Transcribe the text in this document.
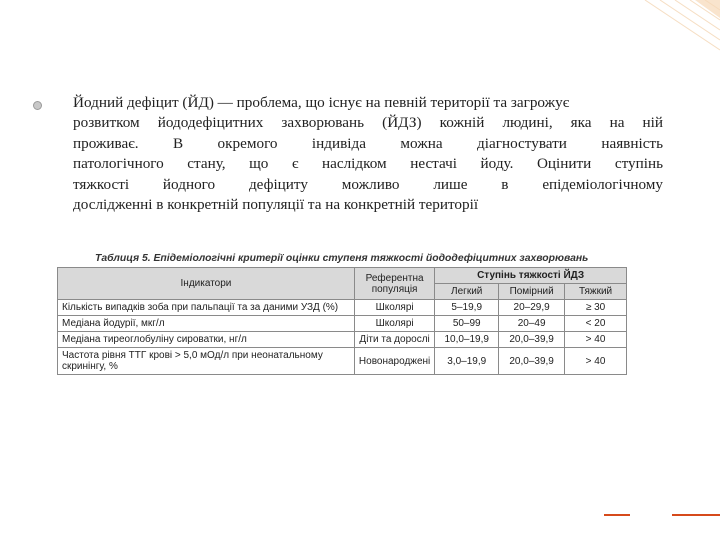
Йодний дефіцит (ЙД) — проблема, що існує на певній території та загрожує
розвитком йододефіцитних захворювань (ЙДЗ) кожній людині, яка на ній
проживає. В окремого індивіда можна діагностувати наявність
патологічного стану, що є наслідком нестачі йоду. Оцінити ступінь
тяжкості йодного дефіциту можливо лише в епідеміологічному
дослідженні в конкретній популяції та на конкретній території
Таблиця 5. Епідеміологічні критерії оцінки ступеня тяжкості йододефіцитних захворювань
Індикатори	Референтна популяція	Ступінь тяжкості ЙДЗ		
		Легкий	Помірний	Тяжкий
Кількість випадків зоба при пальпації та за даними УЗД (%)	Школярі	5–19,9	20–29,9	≥ 30
Медіана йодурії, мкг/л	Школярі	50–99	20–49	< 20
Медіана тиреоглобуліну сироватки, нг/л	Діти та дорослі	10,0–19,9	20,0–39,9	> 40
Частота рівня ТТГ крові > 5,0 мОд/л при неонатальному скринінгу, %	Новонароджені	3,0–19,9	20,0–39,9	> 40
